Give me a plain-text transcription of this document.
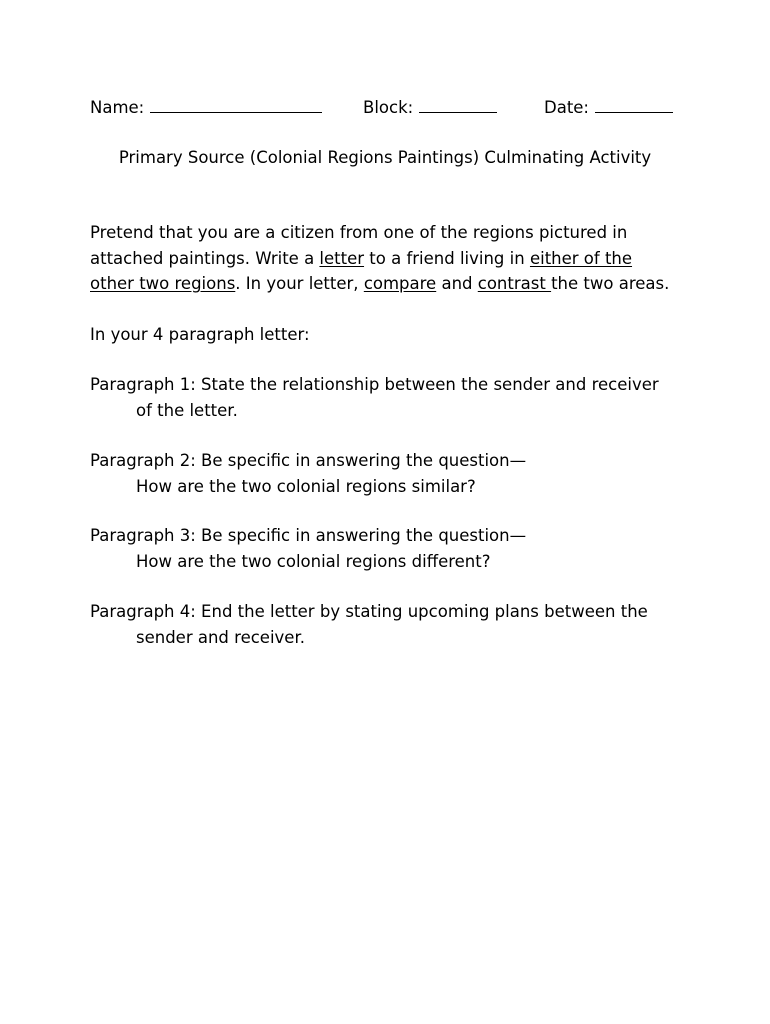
Name:	Block:	Date:
Primary Source (Colonial Regions Paintings) Culminating Activity
Pretend that you are a citizen from one of the regions pictured in
attached paintings. Write a letter to a friend living in either of the
other two regions. In your letter, compare and contrast the two areas.
In your 4 paragraph letter:
Paragraph 1: State the relationship between the sender and receiver
of the letter.
Paragraph 2: Be specific in answering the question—
How are the two colonial regions similar?
Paragraph 3: Be specific in answering the question—
How are the two colonial regions different?
Paragraph 4: End the letter by stating upcoming plans between the
sender and receiver.
